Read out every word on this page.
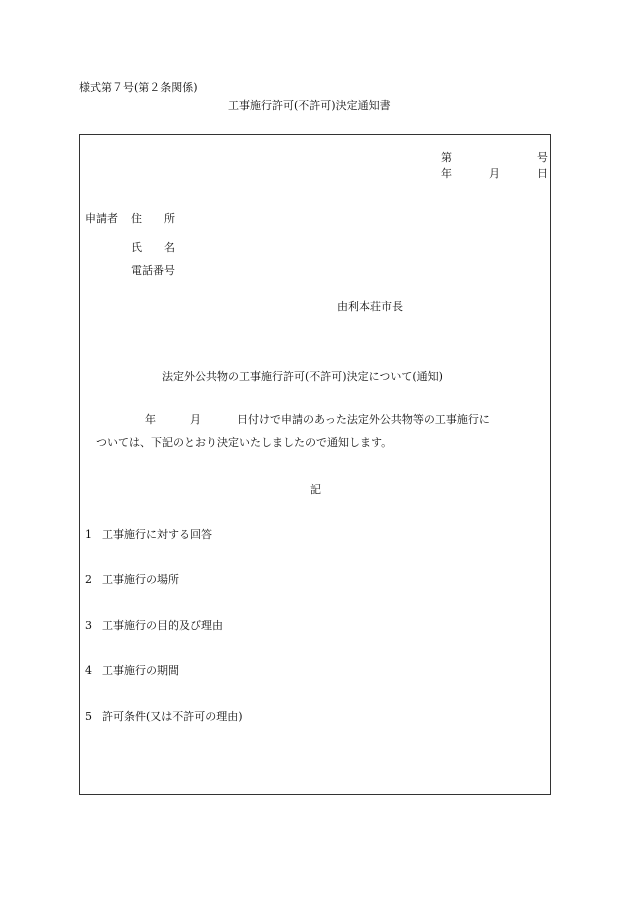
様式第７号(第２条関係)
工事施行許可(不許可)決定通知書
第	号
年	月	日
申請者 住　　所
氏　　名
電話番号
由利本荘市長
法定外公共物の工事施行許可(不許可)決定について(通知)
年	月	日付けで申請のあった法定外公共物等の工事施行に
ついては、下記のとおり決定いたしましたので通知します。
記
1 工事施行に対する回答
2 工事施行の場所
3 工事施行の目的及び理由
4 工事施行の期間
5 許可条件(又は不許可の理由)
